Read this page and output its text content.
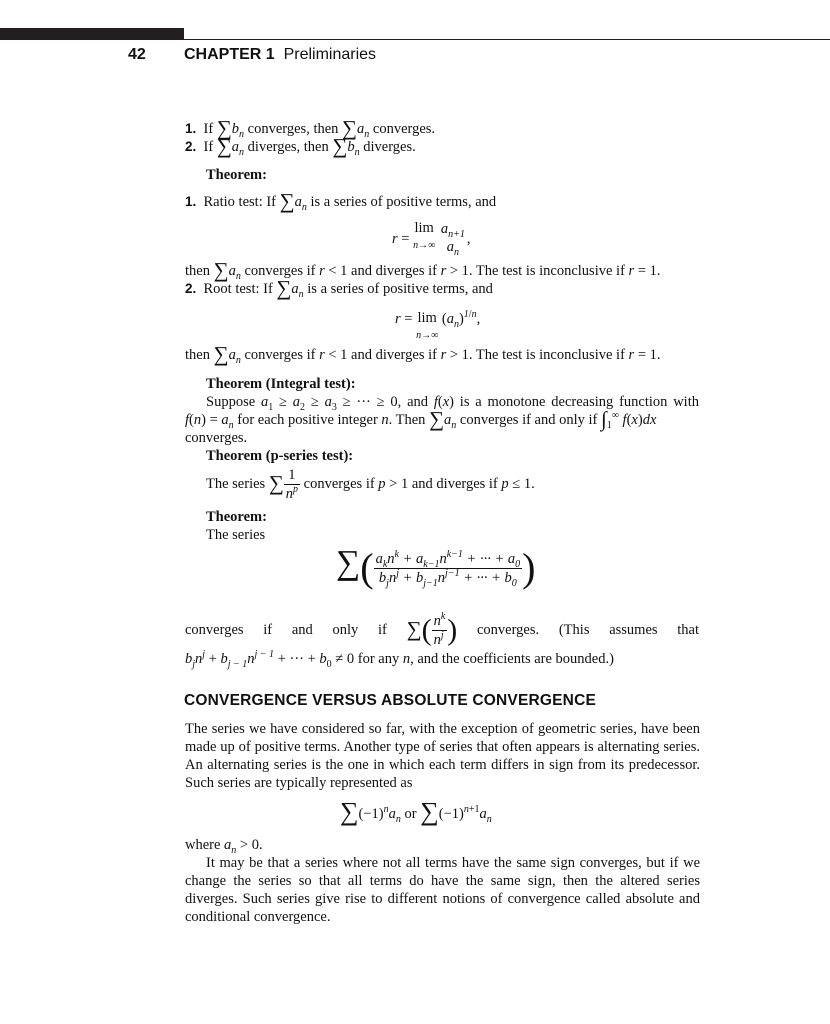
42 CHAPTER 1 Preliminaries
1. If $\sum b_n$ converges, then $\sum a_n$ converges.
2. If $\sum a_n$ diverges, then $\sum b_n$ diverges.
Theorem:
1. Ratio test: If $\sum a_n$ is a series of positive terms, and
r = lim
n→∞
$a_{n+1}$
$a_n$
,
then $\sum a_n$ converges if r < 1 and diverges if r > 1. The test is inconclusive if r = 1.
2. Root test: If $\sum a_n$ is a series of positive terms, and
r = lim
n→∞ $(a_n)^{1/n}$,
then $\sum a_n$ converges if r < 1 and diverges if r > 1. The test is inconclusive if r = 1.
Theorem (Integral test):
Suppose $a_1 \ge a_2 \ge a_3$ ≥ ··· ≥ 0, and f(x) is a monotone decreasing function with
$f(n) = a_n$ for each positive integer n. Then $\sum a_n$ converges if and only if $\int_1^\infty$ f(x)dx
converges.
Theorem (p-series test):
The series ∑ $\frac{1}{n^p}$ converges if p > 1 and diverges if p ≤ 1.
Theorem:
The series
∑( $\frac{a_kn^k + a_{k-1}n^{k-1} + \cdot\cdot\cdot + a_0}{b_jn^j + b_{j-1}n^{j-1} + \cdot\cdot\cdot + b_0}$ )
converges if and only if ∑( $\frac{n^k}{n^j}$ ) converges. (This assumes that
$b_jn^j + b_{j - 1}n^{j - 1}$ + ··· + $b_0 \ne 0$ for any n, and the coefficients are bounded.)
CONVERGENCE VERSUS ABSOLUTE CONVERGENCE
The series we have considered so far, with the exception of geometric series, have been made up of positive terms. Another type of series that often appears is alternating series. An alternating series is the one in which each term differs in sign from its predecessor. Such series are typically represented as
$\sum(-1)^na_n$ or $\sum(-1)^{n+1}a_n$
where $a_n > 0$.
It may be that a series where not all terms have the same sign converges, but if we change the series so that all terms do have the same sign, then the altered series diverges. Such series give rise to different notions of convergence called absolute and conditional convergence.
